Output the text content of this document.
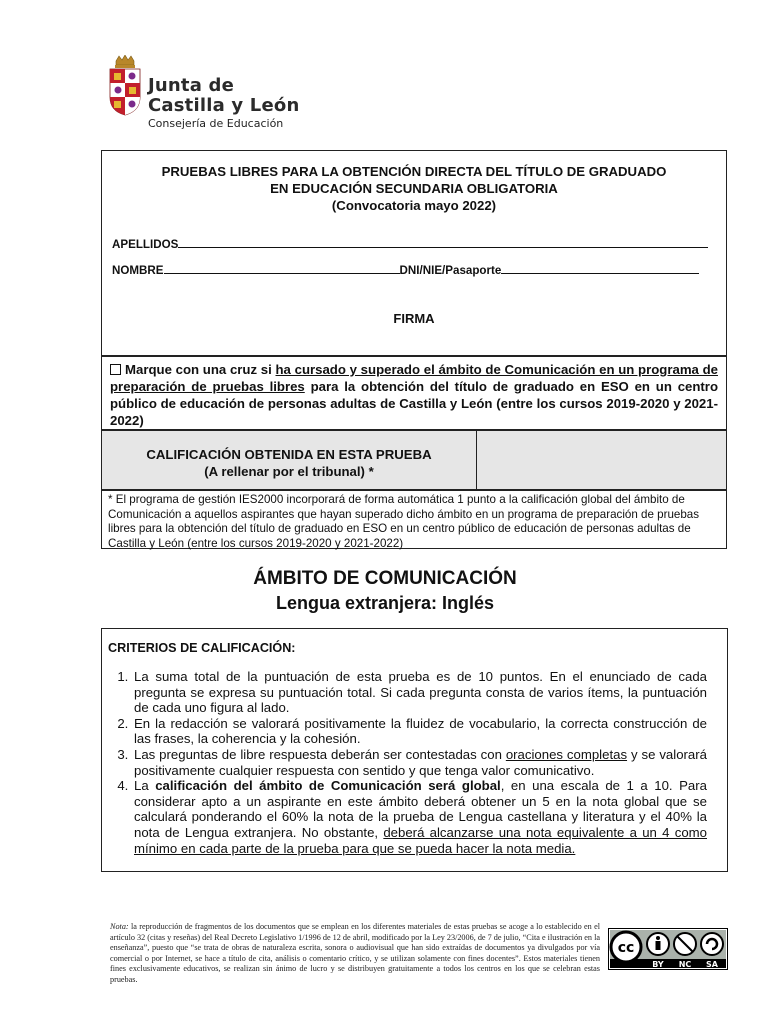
Junta de
Castilla y León
Consejería de Educación
PRUEBAS LIBRES PARA LA OBTENCIÓN DIRECTA DEL TÍTULO DE GRADUADO
EN EDUCACIÓN SECUNDARIA OBLIGATORIA
(Convocatoria mayo 2022)
APELLIDOS
NOMBRE	DNI/NIE/Pasaporte
FIRMA
Marque con una cruz si ha cursado y superado el ámbito de Comunicación en un programa de preparación de pruebas libres para la obtención del título de graduado en ESO en un centro público de educación de personas adultas de Castilla y León (entre los cursos 2019-2020 y 2021-2022)
CALIFICACIÓN OBTENIDA EN ESTA PRUEBA
(A rellenar por el tribunal) *
* El programa de gestión IES2000 incorporará de forma automática 1 punto a la calificación global del ámbito de Comunicación a aquellos aspirantes que hayan superado dicho ámbito en un programa de preparación de pruebas libres para la obtención del título de graduado en ESO en un centro público de educación de personas adultas de Castilla y León (entre los cursos 2019-2020 y 2021-2022)
ÁMBITO DE COMUNICACIÓN
Lengua extranjera: Inglés
CRITERIOS DE CALIFICACIÓN:
1. La suma total de la puntuación de esta prueba es de 10 puntos. En el enunciado de cada pregunta se expresa su puntuación total. Si cada pregunta consta de varios ítems, la puntuación de cada uno figura al lado.
2. En la redacción se valorará positivamente la fluidez de vocabulario, la correcta construcción de las frases, la coherencia y la cohesión.
3. Las preguntas de libre respuesta deberán ser contestadas con oraciones completas y se valorará positivamente cualquier respuesta con sentido y que tenga valor comunicativo.
4. La calificación del ámbito de Comunicación será global, en una escala de 1 a 10. Para considerar apto a un aspirante en este ámbito deberá obtener un 5 en la nota global que se calculará ponderando el 60% la nota de la prueba de Lengua castellana y literatura y el 40% la nota de Lengua extranjera. No obstante, deberá alcanzarse una nota equivalente a un 4 como mínimo en cada parte de la prueba para que se pueda hacer la nota media.
Nota: la reproducción de fragmentos de los documentos que se emplean en los diferentes materiales de estas pruebas se acoge a lo establecido en el artículo 32 (citas y reseñas) del Real Decreto Legislativo 1/1996 de 12 de abril, modificado por la Ley 23/2006, de 7 de julio, “Cita e ilustración en la enseñanza”, puesto que “se trata de obras de naturaleza escrita, sonora o audiovisual que han sido extraídas de documentos ya divulgados por vía comercial o por Internet, se hace a título de cita, análisis o comentario crítico, y se utilizan solamente con fines docentes”. Estos materiales tienen fines exclusivamente educativos, se realizan sin ánimo de lucro y se distribuyen gratuitamente a todos los centros en los que se celebran estas pruebas.
cc
BY NC SA
